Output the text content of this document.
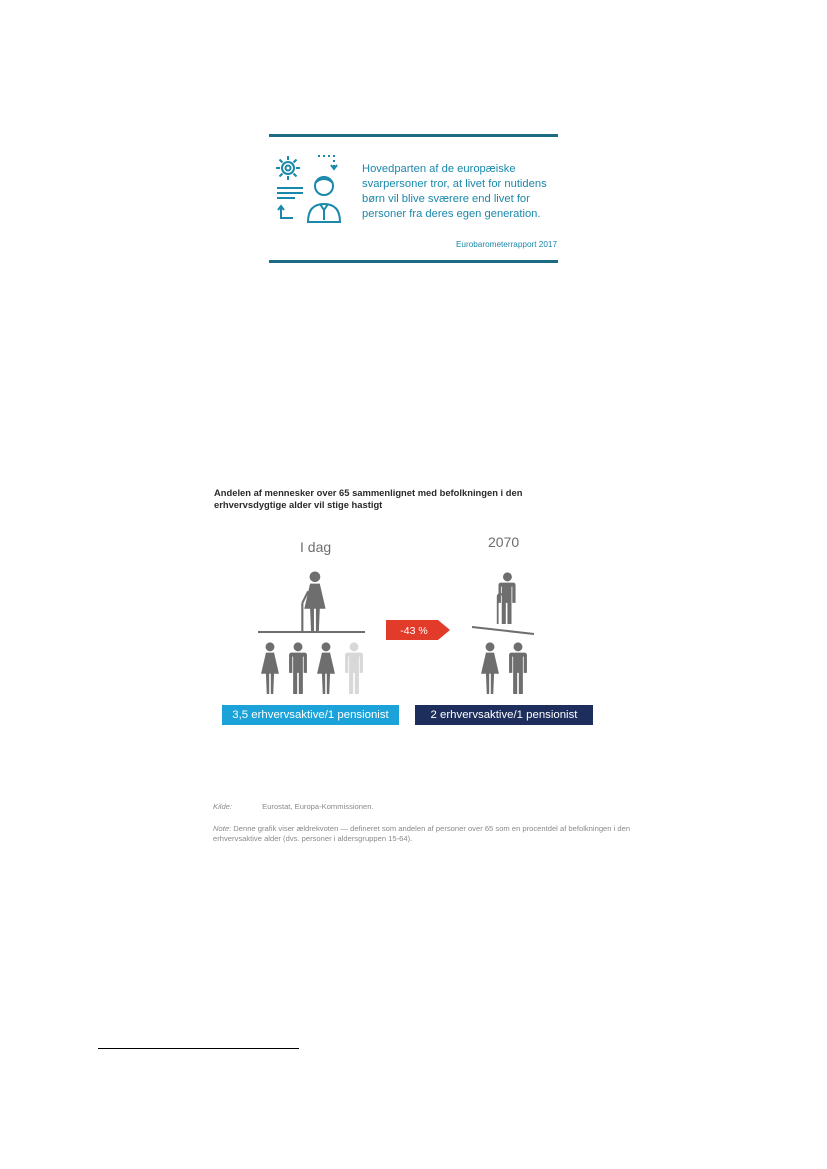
Hovedparten af de europæiske
svarpersoner tror, at livet for nutidens
børn vil blive sværere end livet for
personer fra deres egen generation.
Eurobarometerrapport 2017
Andelen af mennesker over 65 sammenlignet med befolkningen i den
erhvervsdygtige alder vil stige hastigt
I dag	2070
-43 %
3,5 erhvervsaktive/1 pensionist	2 erhvervsaktive/1 pensionist
Kilde:	Eurostat, Europa-Kommissionen.
Note: Denne grafik viser ældrekvoten — defineret som andelen af personer over 65 som en procentdel af befolkningen i den erhvervsaktive alder (dvs. personer i aldersgruppen 15-64).
